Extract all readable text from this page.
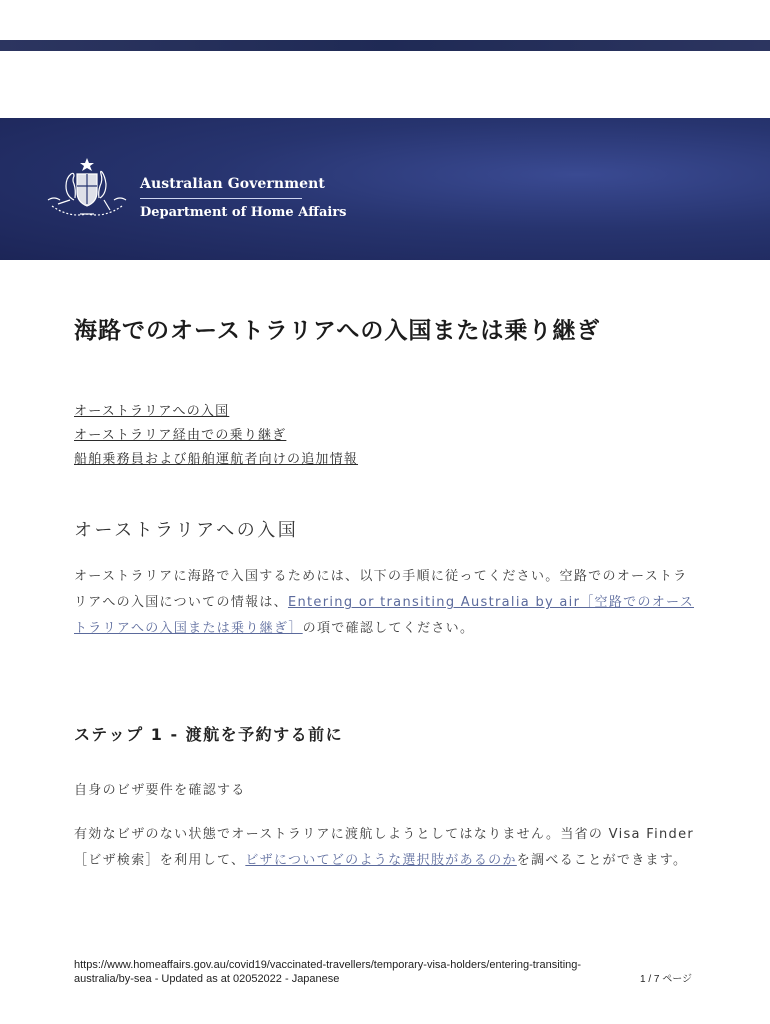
Australian Government
Department of Home Affairs
海路でのオーストラリアへの入国または乗り継ぎ
オーストラリアへの入国
オーストラリア経由での乗り継ぎ
船舶乗務員および船舶運航者向けの追加情報
オーストラリアへの入国
オーストラリアに海路で入国するためには、以下の手順に従ってください。空路でのオーストラリアへの入国についての情報は、Entering or transiting Australia by air［空路でのオーストラリアへの入国または乗り継ぎ］の項で確認してください。
ステップ 1 - 渡航を予約する前に
自身のビザ要件を確認する
有効なビザのない状態でオーストラリアに渡航しようとしてはなりません。当省の Visa Finder［ビザ検索］を利用して、ビザについてどのような選択肢があるのかを調べることができます。
https://www.homeaffairs.gov.au/covid19/vaccinated-travellers/temporary-visa-holders/entering-transiting-australia/by-sea - Updated as at 02052022 - Japanese	1 / 7 ページ
